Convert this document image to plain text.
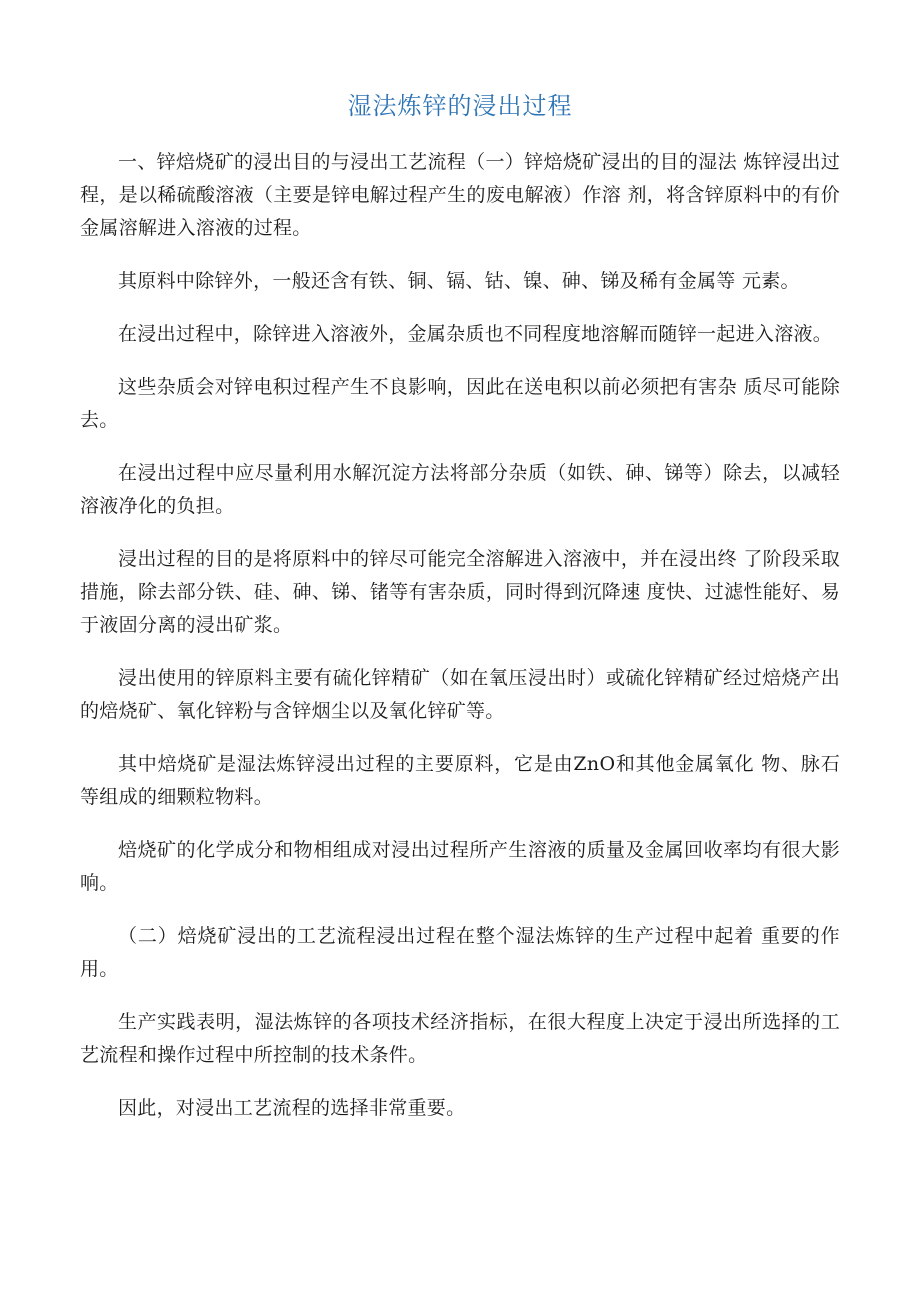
湿法炼锌的浸出过程

一、锌焙烧矿的浸出目的与浸出工艺流程（一）锌焙烧矿浸出的目的湿法 炼锌浸出过程，是以稀硫酸溶液（主要是锌电解过程产生的废电解液）作溶 剂，将含锌原料中的有价金属溶解进入溶液的过程。

其原料中除锌外，一般还含有铁、铜、镉、钴、镍、砷、锑及稀有金属等 元素。

在浸出过程中，除锌进入溶液外，金属杂质也不同程度地溶解而随锌一起进入溶液。

这些杂质会对锌电积过程产生不良影响，因此在送电积以前必须把有害杂 质尽可能除去。

在浸出过程中应尽量利用水解沉淀方法将部分杂质（如铁、砷、锑等）除去，以减轻溶液净化的负担。

浸出过程的目的是将原料中的锌尽可能完全溶解进入溶液中，并在浸出终 了阶段采取措施，除去部分铁、硅、砷、锑、锗等有害杂质，同时得到沉降速 度快、过滤性能好、易于液固分离的浸出矿浆。

浸出使用的锌原料主要有硫化锌精矿（如在氧压浸出时）或硫化锌精矿经过焙烧产出的焙烧矿、氧化锌粉与含锌烟尘以及氧化锌矿等。

其中焙烧矿是湿法炼锌浸出过程的主要原料，它是由ZnO和其他金属氧化 物、脉石等组成的细颗粒物料。

焙烧矿的化学成分和物相组成对浸出过程所产生溶液的质量及金属回收率均有很大影响。

（二）焙烧矿浸出的工艺流程浸出过程在整个湿法炼锌的生产过程中起着 重要的作用。

生产实践表明，湿法炼锌的各项技术经济指标，在很大程度上决定于浸出所选择的工艺流程和操作过程中所控制的技术条件。

因此，对浸出工艺流程的选择非常重要。
